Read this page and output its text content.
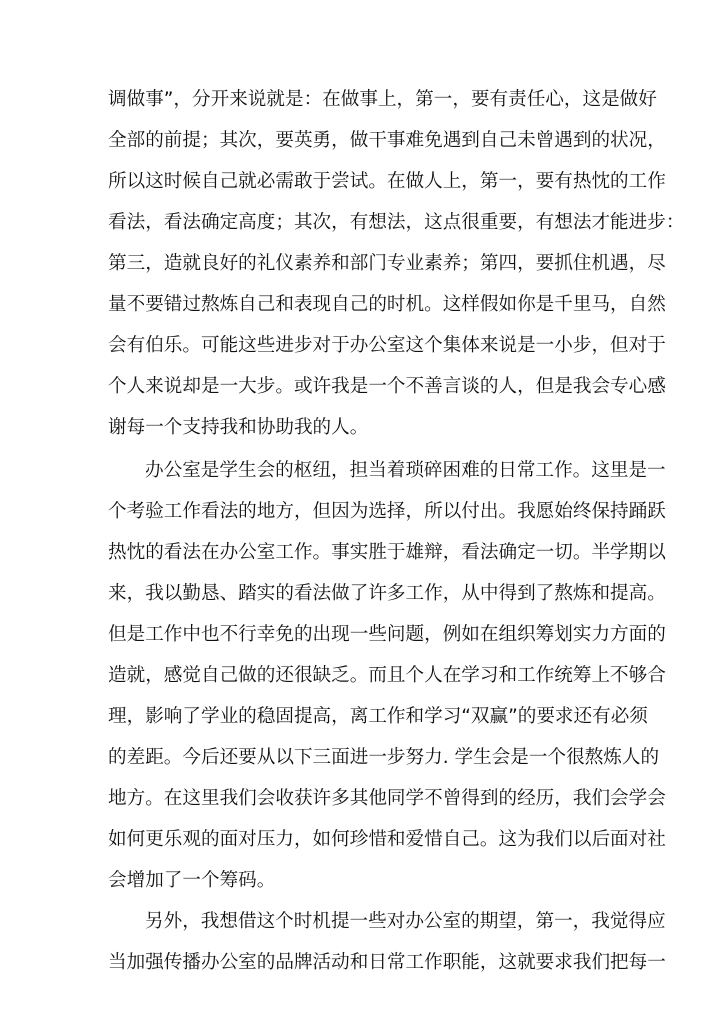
调做事”，分开来说就是：在做事上，第一，要有责任心，这是做好
全部的前提；其次，要英勇，做干事难免遇到自己未曾遇到的状况，
所以这时候自己就必需敢于尝试。在做人上，第一，要有热忱的工作
看法，看法确定高度；其次，有想法，这点很重要，有想法才能进步：
第三，造就良好的礼仪素养和部门专业素养；第四，要抓住机遇，尽
量不要错过熬炼自己和表现自己的时机。这样假如你是千里马，自然
会有伯乐。可能这些进步对于办公室这个集体来说是一小步，但对于
个人来说却是一大步。或许我是一个不善言谈的人，但是我会专心感
谢每一个支持我和协助我的人。
办公室是学生会的枢纽，担当着琐碎困难的日常工作。这里是一
个考验工作看法的地方，但因为选择，所以付出。我愿始终保持踊跃
热忱的看法在办公室工作。事实胜于雄辩，看法确定一切。半学期以
来，我以勤恳、踏实的看法做了许多工作，从中得到了熬炼和提高。
但是工作中也不行幸免的出现一些问题，例如在组织筹划实力方面的
造就，感觉自己做的还很缺乏。而且个人在学习和工作统筹上不够合
理，影响了学业的稳固提高，离工作和学习“双赢”的要求还有必须
的差距。今后还要从以下三面进一步努力. 学生会是一个很熬炼人的
地方。在这里我们会收获许多其他同学不曾得到的经历，我们会学会
如何更乐观的面对压力，如何珍惜和爱惜自己。这为我们以后面对社
会增加了一个筹码。
另外，我想借这个时机提一些对办公室的期望，第一，我觉得应
当加强传播办公室的品牌活动和日常工作职能，这就要求我们把每一
